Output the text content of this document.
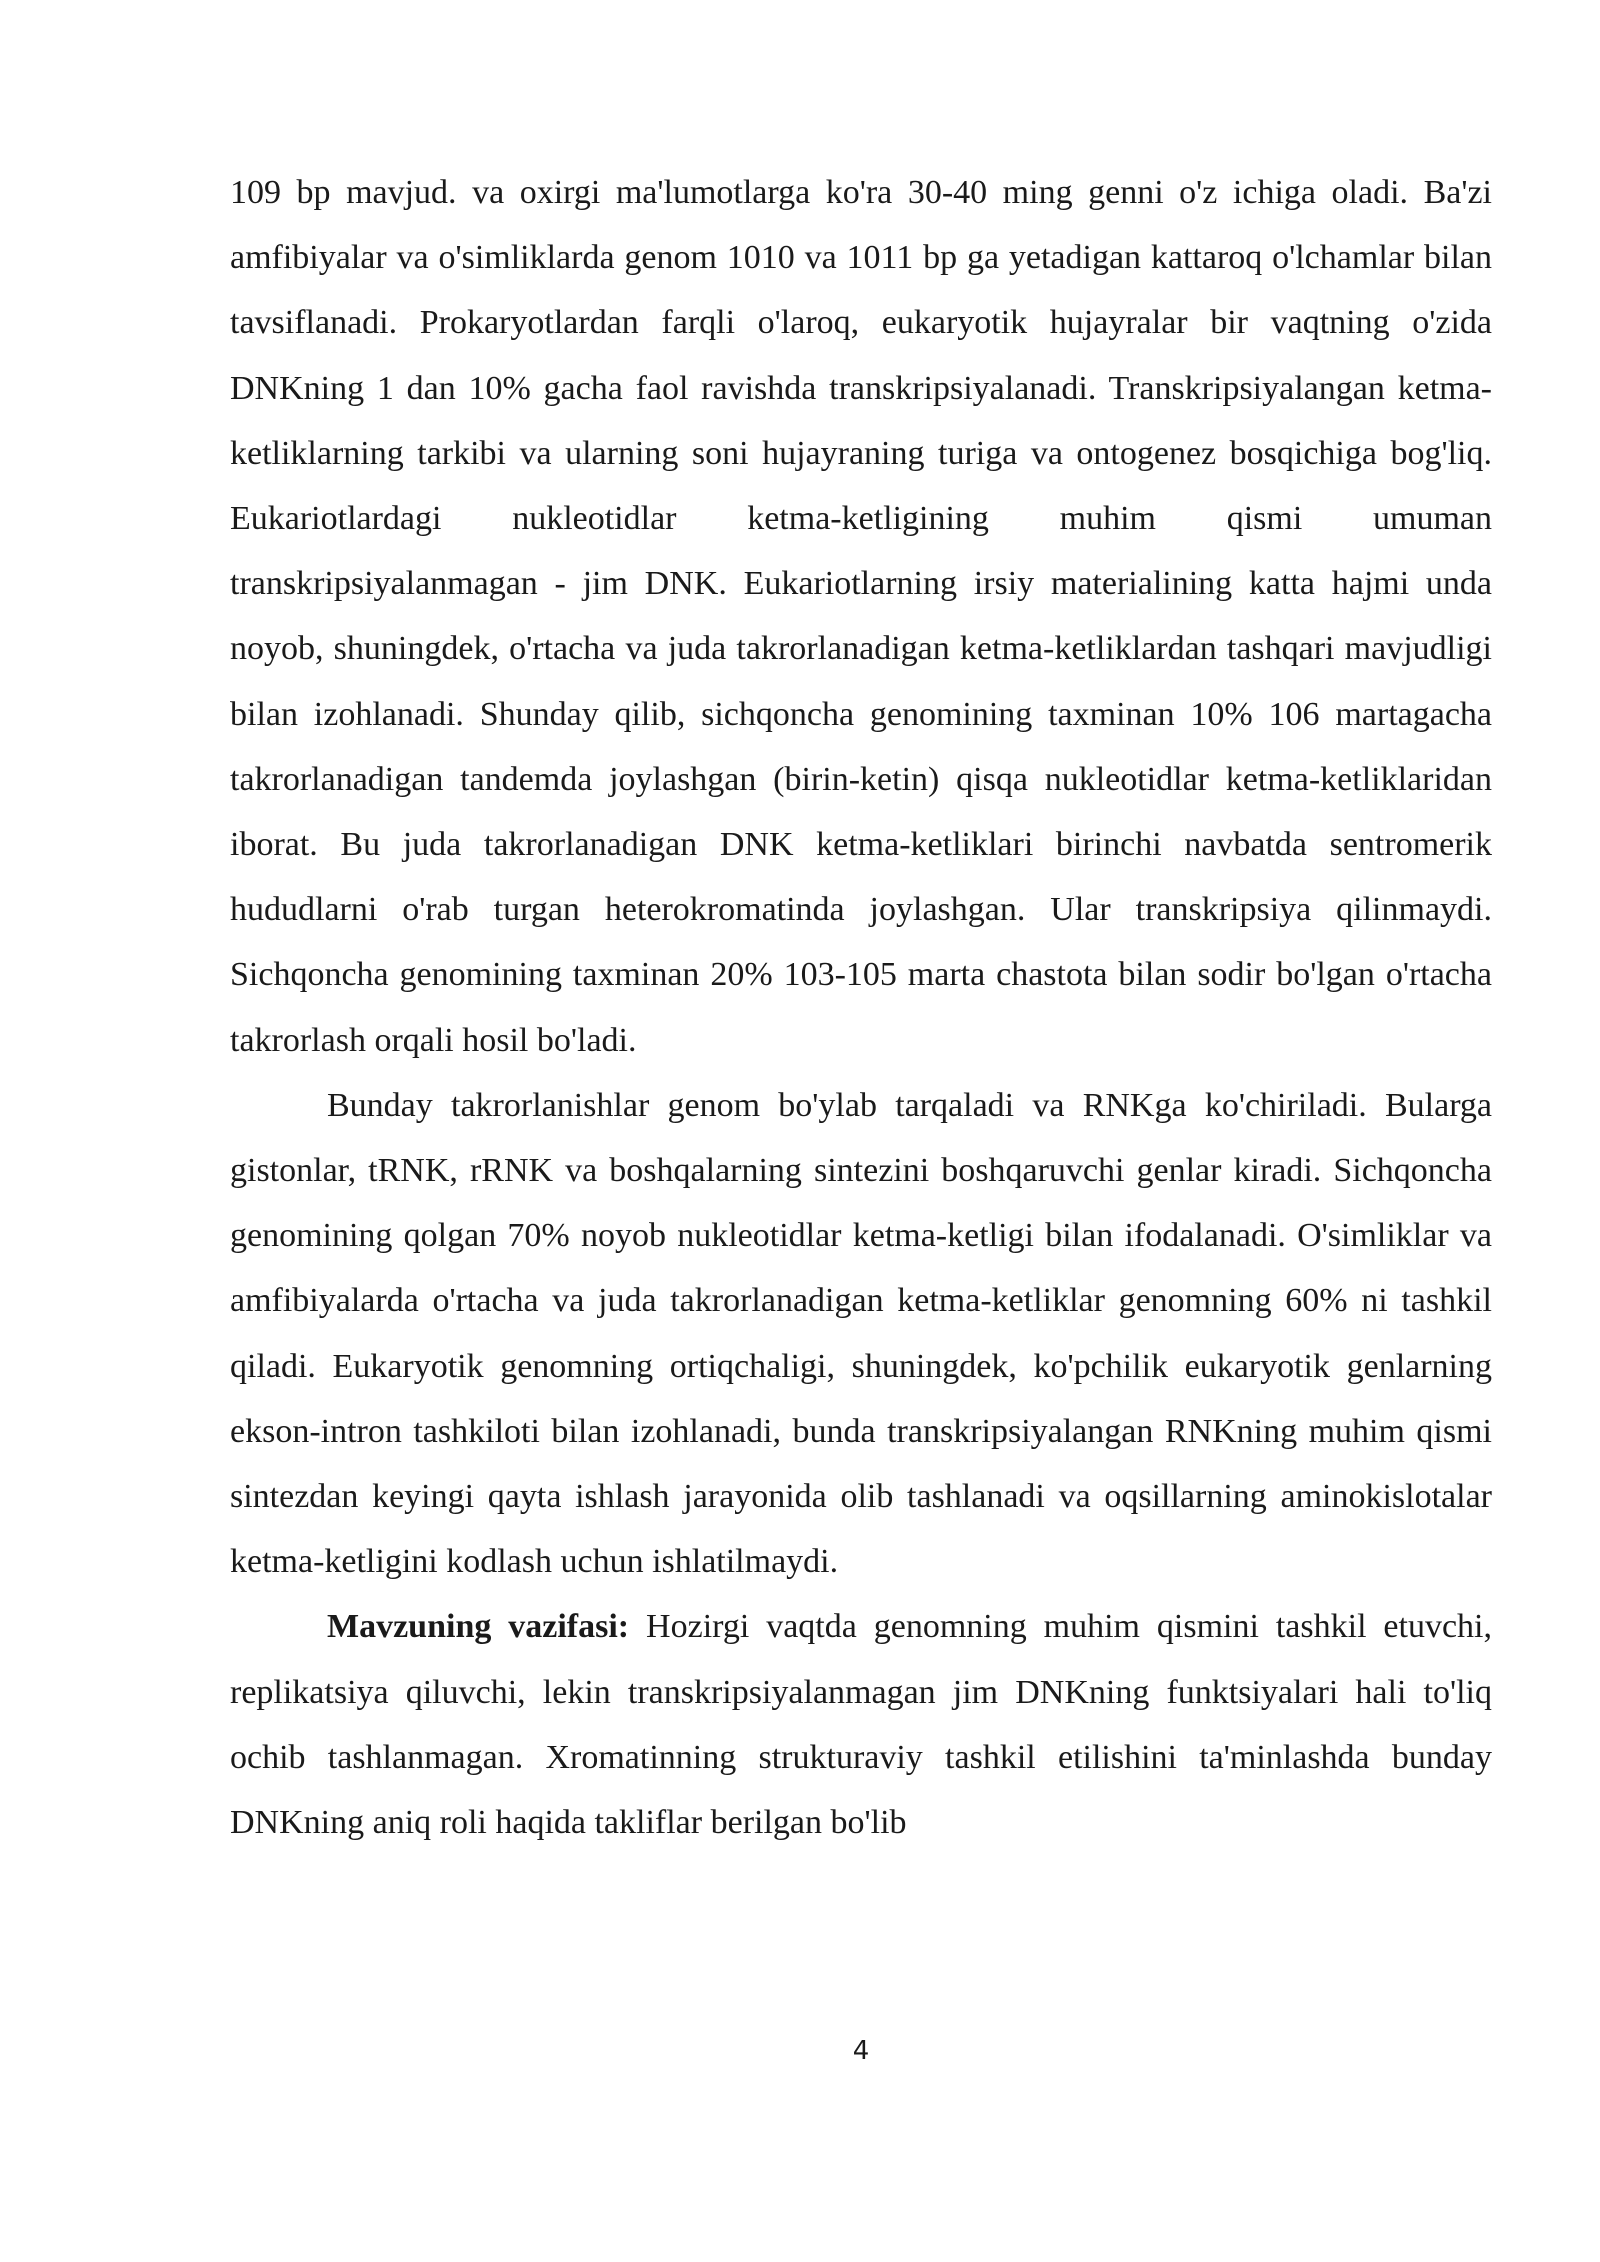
109 bp mavjud. va oxirgi ma'lumotlarga ko'ra 30-40 ming genni o'z ichiga oladi. Ba'zi amfibiyalar va o'simliklarda genom 1010 va 1011 bp ga yetadigan kattaroq o'lchamlar bilan tavsiflanadi. Prokaryotlardan farqli o'laroq, eukaryotik hujayralar bir vaqtning o'zida DNKning 1 dan 10% gacha faol ravishda transkripsiyalanadi. Transkripsiyalangan ketma-ketliklarning tarkibi va ularning soni hujayraning turiga va ontogenez bosqichiga bog'liq. Eukariotlardagi nukleotidlar ketma-ketligining muhim qismi umuman transkripsiyalanmagan - jim DNK. Eukariotlarning irsiy materialining katta hajmi unda noyob, shuningdek, o'rtacha va juda takrorlanadigan ketma-ketliklardan tashqari mavjudligi bilan izohlanadi. Shunday qilib, sichqoncha genomining taxminan 10% 106 martagacha takrorlanadigan tandemda joylashgan (birin-ketin) qisqa nukleotidlar ketma-ketliklaridan iborat. Bu juda takrorlanadigan DNK ketma-ketliklari birinchi navbatda sentromerik hududlarni o'rab turgan heterokromatinda joylashgan. Ular transkripsiya qilinmaydi. Sichqoncha genomining taxminan 20% 103-105 marta chastota bilan sodir bo'lgan o'rtacha takrorlash orqali hosil bo'ladi.

Bunday takrorlanishlar genom bo'ylab tarqaladi va RNKga ko'chiriladi. Bularga gistonlar, tRNK, rRNK va boshqalarning sintezini boshqaruvchi genlar kiradi. Sichqoncha genomining qolgan 70% noyob nukleotidlar ketma-ketligi bilan ifodalanadi. O'simliklar va amfibiyalarda o'rtacha va juda takrorlanadigan ketma-ketliklar genomning 60% ni tashkil qiladi. Eukaryotik genomning ortiqchaligi, shuningdek, ko'pchilik eukaryotik genlarning ekson-intron tashkiloti bilan izohlanadi, bunda transkripsiyalangan RNKning muhim qismi sintezdan keyingi qayta ishlash jarayonida olib tashlanadi va oqsillarning aminokislotalar ketma-ketligini kodlash uchun ishlatilmaydi.

Mavzuning vazifasi: Hozirgi vaqtda genomning muhim qismini tashkil etuvchi, replikatsiya qiluvchi, lekin transkripsiyalanmagan jim DNKning funktsiyalari hali to'liq ochib tashlanmagan. Xromatinning strukturaviy tashkil etilishini ta'minlashda bunday DNKning aniq roli haqida takliflar berilgan bo'lib

4
